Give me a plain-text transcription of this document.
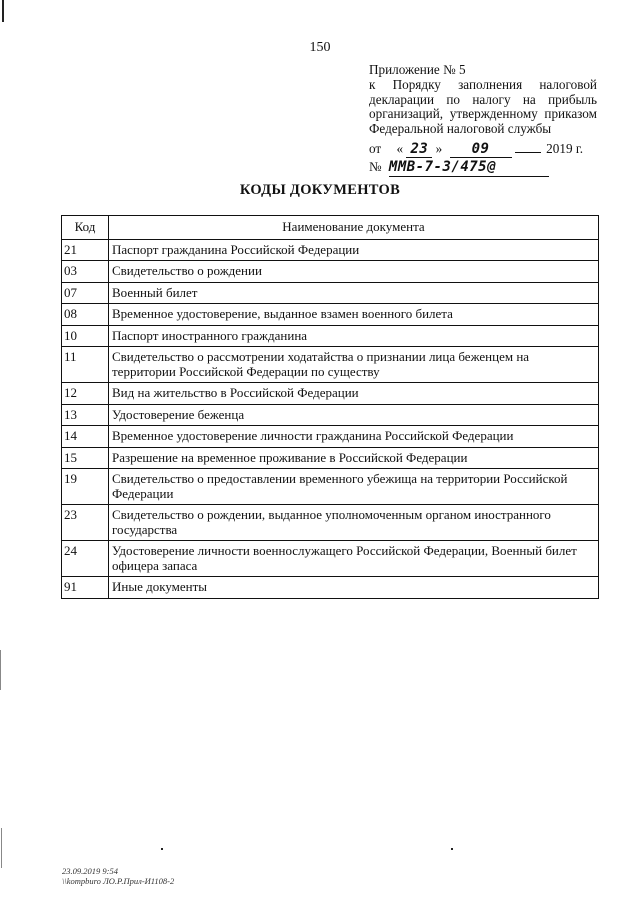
150
Приложение № 5
к Порядку заполнения налоговой
декларации по налогу на прибыль
организаций, утвержденному приказом
Федеральной налоговой службы
от « 23 » 09	2019 г.
№ ММВ-7-3/475@
КОДЫ ДОКУМЕНТОВ
Код	Наименование документа
21	Паспорт гражданина Российской Федерации
03	Свидетельство о рождении
07	Военный билет
08	Временное удостоверение, выданное взамен военного билета
10	Паспорт иностранного гражданина
11	Свидетельство о рассмотрении ходатайства о признании лица беженцем на территории Российской Федерации по существу
12	Вид на жительство в Российской Федерации
13	Удостоверение беженца
14	Временное удостоверение личности гражданина Российской Федерации
15	Разрешение на временное проживание в Российской Федерации
19	Свидетельство о предоставлении временного убежища на территории Российской Федерации
23	Свидетельство о рождении, выданное уполномоченным органом иностранного государства
24	Удостоверение личности военнослужащего Российской Федерации, Военный билет офицера запаса
91	Иные документы
23.09.2019 9:54
\\kompburo ЛО.Р.Прил-И1108-2
